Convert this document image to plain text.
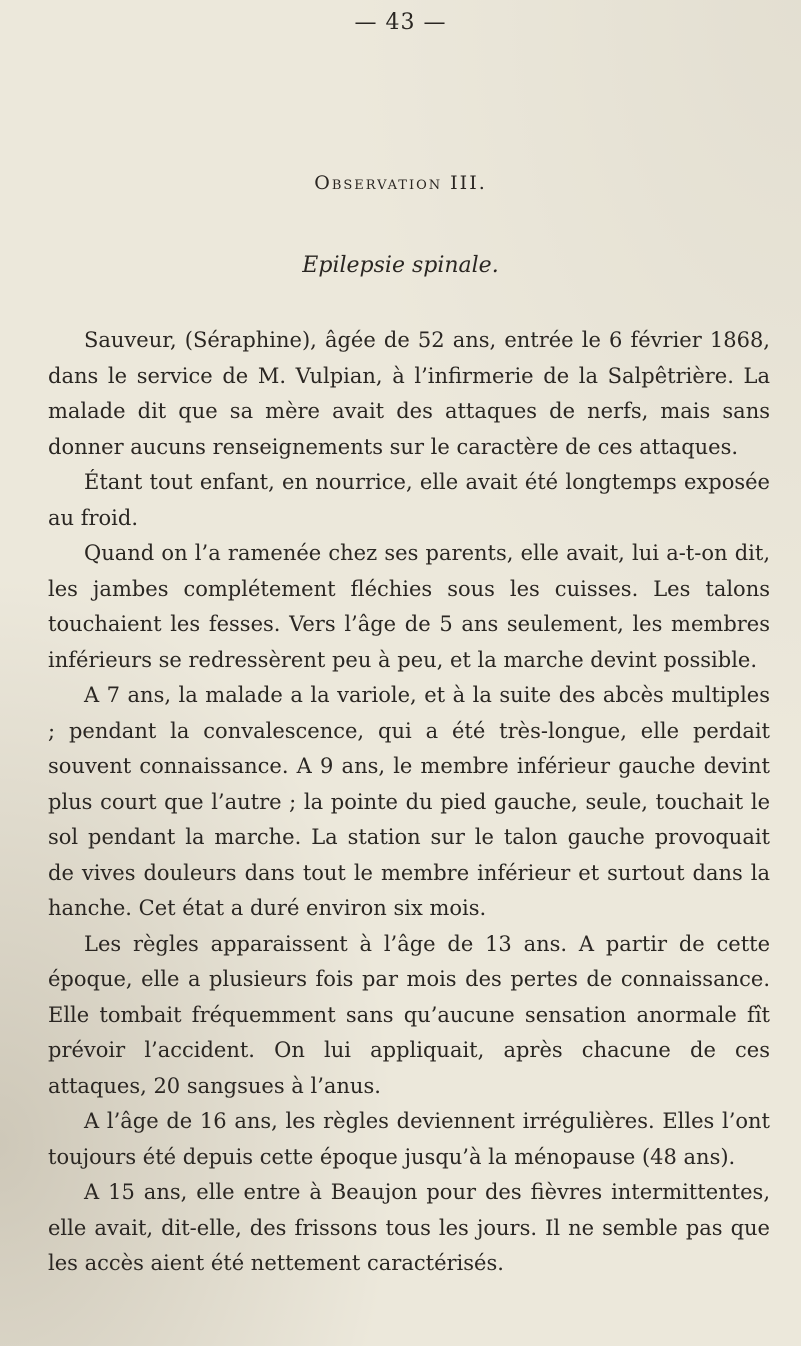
— 43 —
Observation III.
Epilepsie spinale.

Sauveur, (Séraphine), âgée de 52 ans, entrée le 6 février 1868, dans le service de M. Vulpian, à l’infirmerie de la Salpêtrière. La malade dit que sa mère avait des attaques de nerfs, mais sans donner aucuns renseignements sur le caractère de ces attaques.

Étant tout enfant, en nourrice, elle avait été longtemps exposée au froid.

Quand on l’a ramenée chez ses parents, elle avait, lui a-t-on dit, les jambes complétement fléchies sous les cuisses. Les talons touchaient les fesses. Vers l’âge de 5 ans seulement, les membres inférieurs se redressèrent peu à peu, et la marche devint possible.

A 7 ans, la malade a la variole, et à la suite des abcès multiples ; pendant la convalescence, qui a été très-longue, elle perdait souvent connaissance. A 9 ans, le membre inférieur gauche devint plus court que l’autre ; la pointe du pied gauche, seule, touchait le sol pendant la marche. La station sur le talon gauche provoquait de vives douleurs dans tout le membre inférieur et surtout dans la hanche. Cet état a duré environ six mois.

Les règles apparaissent à l’âge de 13 ans. A partir de cette époque, elle a plusieurs fois par mois des pertes de connaissance. Elle tombait fréquemment sans qu’aucune sensation anormale fît prévoir l’accident. On lui appliquait, après chacune de ces attaques, 20 sangsues à l’anus.

A l’âge de 16 ans, les règles deviennent irrégulières. Elles l’ont toujours été depuis cette époque jusqu’à la ménopause (48 ans).

A 15 ans, elle entre à Beaujon pour des fièvres intermittentes, elle avait, dit-elle, des frissons tous les jours. Il ne semble pas que les accès aient été nettement caractérisés.
